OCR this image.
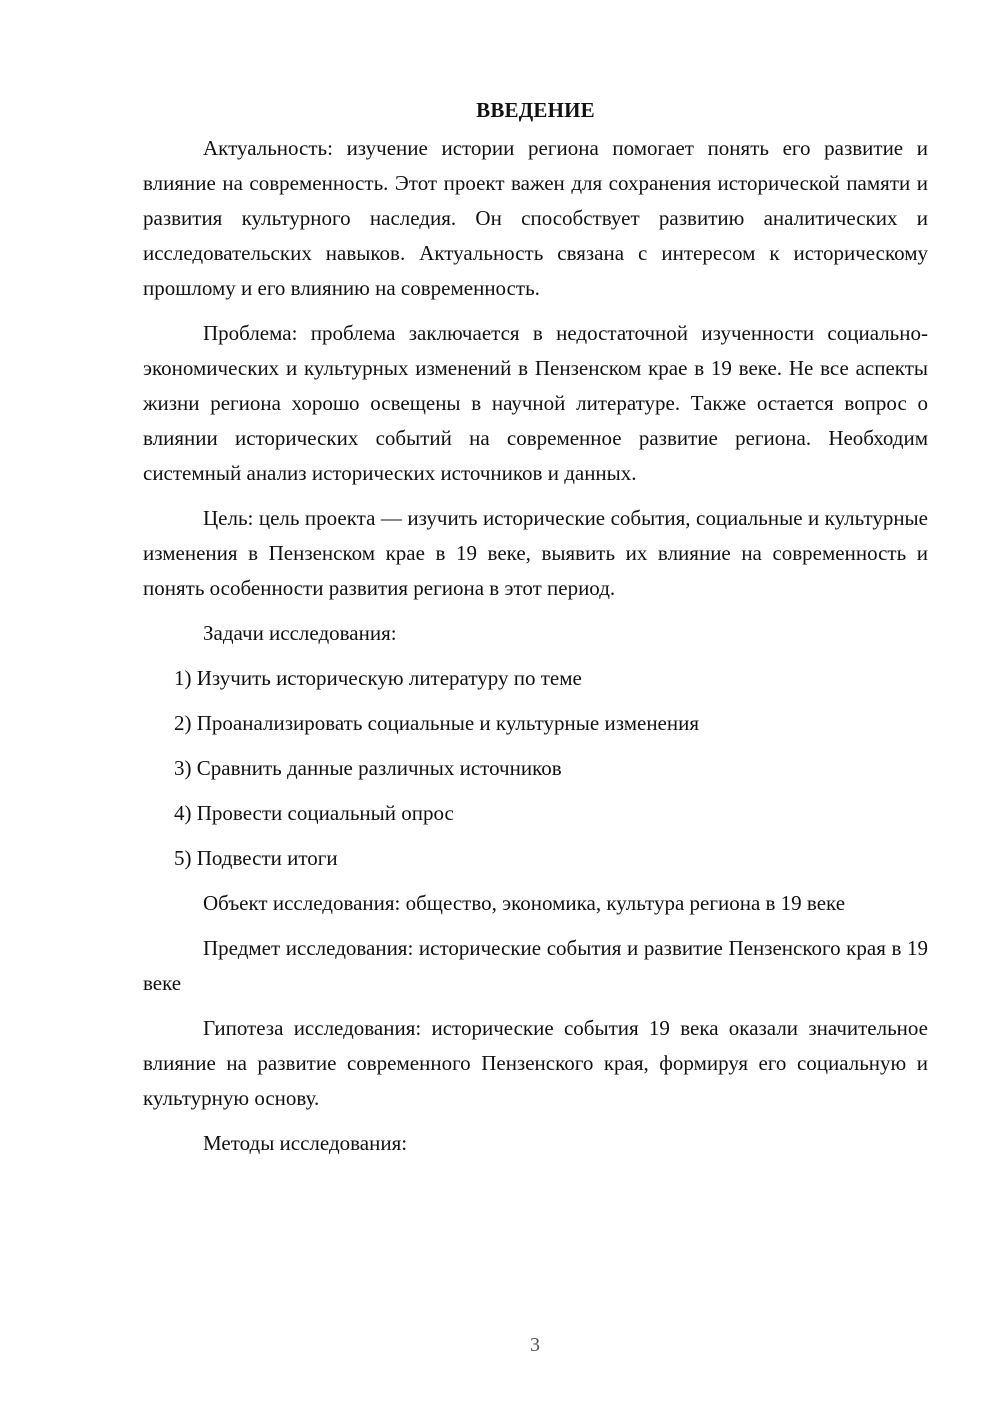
ВВЕДЕНИЕ

Актуальность: изучение истории региона помогает понять его развитие и влияние на современность. Этот проект важен для сохранения исторической памяти и развития культурного наследия. Он способствует развитию аналитических и исследовательских навыков. Актуальность связана с интересом к историческому прошлому и его влиянию на современность.

Проблема: проблема заключается в недостаточной изученности социально-экономических и культурных изменений в Пензенском крае в 19 веке. Не все аспекты жизни региона хорошо освещены в научной литературе. Также остается вопрос о влиянии исторических событий на современное развитие региона. Необходим системный анализ исторических источников и данных.

Цель: цель проекта — изучить исторические события, социальные и культурные изменения в Пензенском крае в 19 веке, выявить их влияние на современность и понять особенности развития региона в этот период.

Задачи исследования:

1) Изучить историческую литературу по теме

2) Проанализировать социальные и культурные изменения

3) Сравнить данные различных источников

4) Провести социальный опрос

5) Подвести итоги

Объект исследования: общество, экономика, культура региона в 19 веке

Предмет исследования: исторические события и развитие Пензенского края в 19 веке

Гипотеза исследования: исторические события 19 века оказали значительное влияние на развитие современного Пензенского края, формируя его социальную и культурную основу.

Методы исследования:

3
